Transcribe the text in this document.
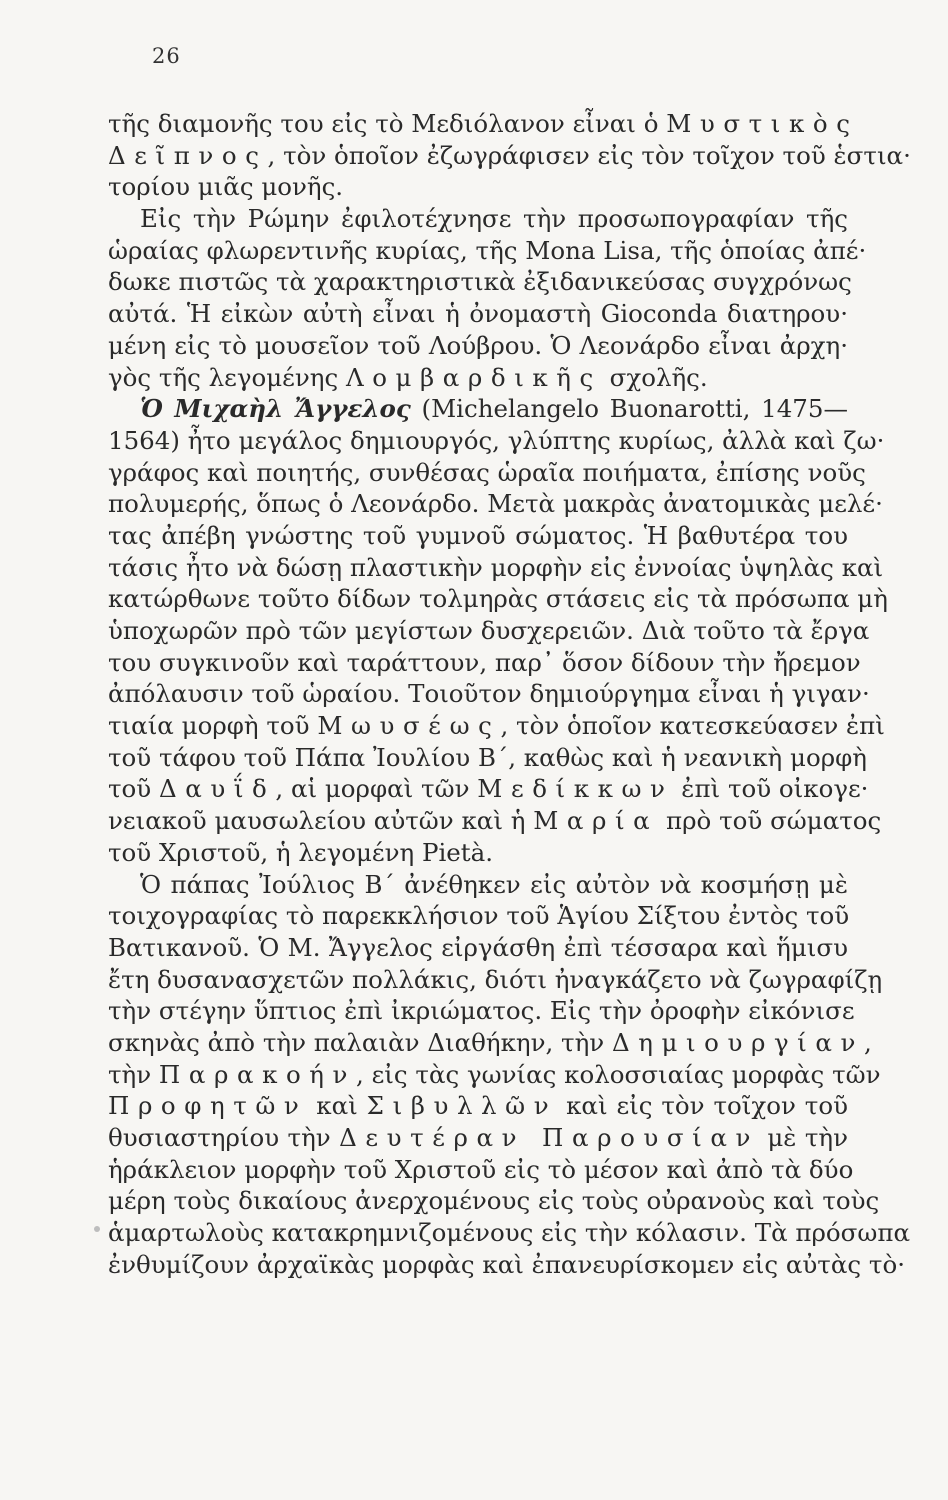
26
τῆς διαμονῆς του εἰς τὸ Μεδιόλανον εἶναι ὁ Μυστικὸς
Δεῖπνος, τὸν ὁποῖον ἐζωγράφισεν εἰς τὸν τοῖχον τοῦ ἑστια·
τορίου μιᾶς μονῆς.
Εἰς τὴν Ρώμην ἐφιλοτέχνησε τὴν προσωπογραφίαν τῆς
ὡραίας φλωρεντινῆς κυρίας, τῆς Mona Lisa, τῆς ὁποίας ἀπέ·
δωκε πιστῶς τὰ χαρακτηριστικὰ ἐξιδανικεύσας συγχρόνως
αὐτά. Ἡ εἰκὼν αὐτὴ εἶναι ἡ ὀνομαστὴ Gioconda διατηρου·
μένη εἰς τὸ μουσεῖον τοῦ Λούβρου. Ὁ Λεονάρδο εἶναι ἀρχη·
γὸς τῆς λεγομένης Λομβαρδικῆς σχολῆς.
Ὁ Μιχαὴλ Ἄγγελος (Michelangelo Buonarotti, 1475—
1564) ἦτο μεγάλος δημιουργός, γλύπτης κυρίως, ἀλλὰ καὶ ζω·
γράφος καὶ ποιητής, συνθέσας ὡραῖα ποιήματα, ἐπίσης νοῦς
πολυμερής, ὅπως ὁ Λεονάρδο. Μετὰ μακρὰς ἀνατομικὰς μελέ·
τας ἀπέβη γνώστης τοῦ γυμνοῦ σώματος. Ἡ βαθυτέρα του
τάσις ἦτο νὰ δώσῃ πλαστικὴν μορφὴν εἰς ἐννοίας ὑψηλὰς καὶ
κατώρθωνε τοῦτο δίδων τολμηρὰς στάσεις εἰς τὰ πρόσωπα μὴ
ὑποχωρῶν πρὸ τῶν μεγίστων δυσχερειῶν. Διὰ τοῦτο τὰ ἔργα
του συγκινοῦν καὶ ταράττουν, παρ᾽ ὅσον δίδουν τὴν ἤρεμον
ἀπόλαυσιν τοῦ ὡραίου. Τοιοῦτον δημιούργημα εἶναι ἡ γιγαν·
τιαία μορφὴ τοῦ Μωυσέως, τὸν ὁποῖον κατεσκεύασεν ἐπὶ
τοῦ τάφου τοῦ Πάπα Ἰουλίου Β΄, καθὼς καὶ ἡ νεανικὴ μορφὴ
τοῦ Δαυΐδ, αἱ μορφαὶ τῶν Μεδίκκων ἐπὶ τοῦ οἰκογε·
νειακοῦ μαυσωλείου αὐτῶν καὶ ἡ Μαρία πρὸ τοῦ σώματος
τοῦ Χριστοῦ, ἡ λεγομένη Pietà.
Ὁ πάπας Ἰούλιος Β΄ ἀνέθηκεν εἰς αὐτὸν νὰ κοσμήσῃ μὲ
τοιχογραφίας τὸ παρεκκλήσιον τοῦ Ἁγίου Σίξτου ἐντὸς τοῦ
Βατικανοῦ. Ὁ Μ. Ἄγγελος εἰργάσθη ἐπὶ τέσσαρα καὶ ἥμισυ
ἔτη δυσανασχετῶν πολλάκις, διότι ἠναγκάζετο νὰ ζωγραφίζῃ
τὴν στέγην ὕπτιος ἐπὶ ἰκριώματος. Εἰς τὴν ὀροφὴν εἰκόνισε
σκηνὰς ἀπὸ τὴν παλαιὰν Διαθήκην, τὴν Δημιουργίαν,
τὴν Παρακοήν, εἰς τὰς γωνίας κολοσσιαίας μορφὰς τῶν
Προφητῶν καὶ Σιβυλλῶν καὶ εἰς τὸν τοῖχον τοῦ
θυσιαστηρίου τὴν Δευτέραν Παρουσίαν μὲ τὴν
ἡράκλειον μορφὴν τοῦ Χριστοῦ εἰς τὸ μέσον καὶ ἀπὸ τὰ δύο
μέρη τοὺς δικαίους ἀνερχομένους εἰς τοὺς οὐρανοὺς καὶ τοὺς
ἁμαρτωλοὺς κατακρημνιζομένους εἰς τὴν κόλασιν. Τὰ πρόσωπα
ἐνθυμίζουν ἀρχαϊκὰς μορφὰς καὶ ἐπανευρίσκομεν εἰς αὐτὰς τὸ·
